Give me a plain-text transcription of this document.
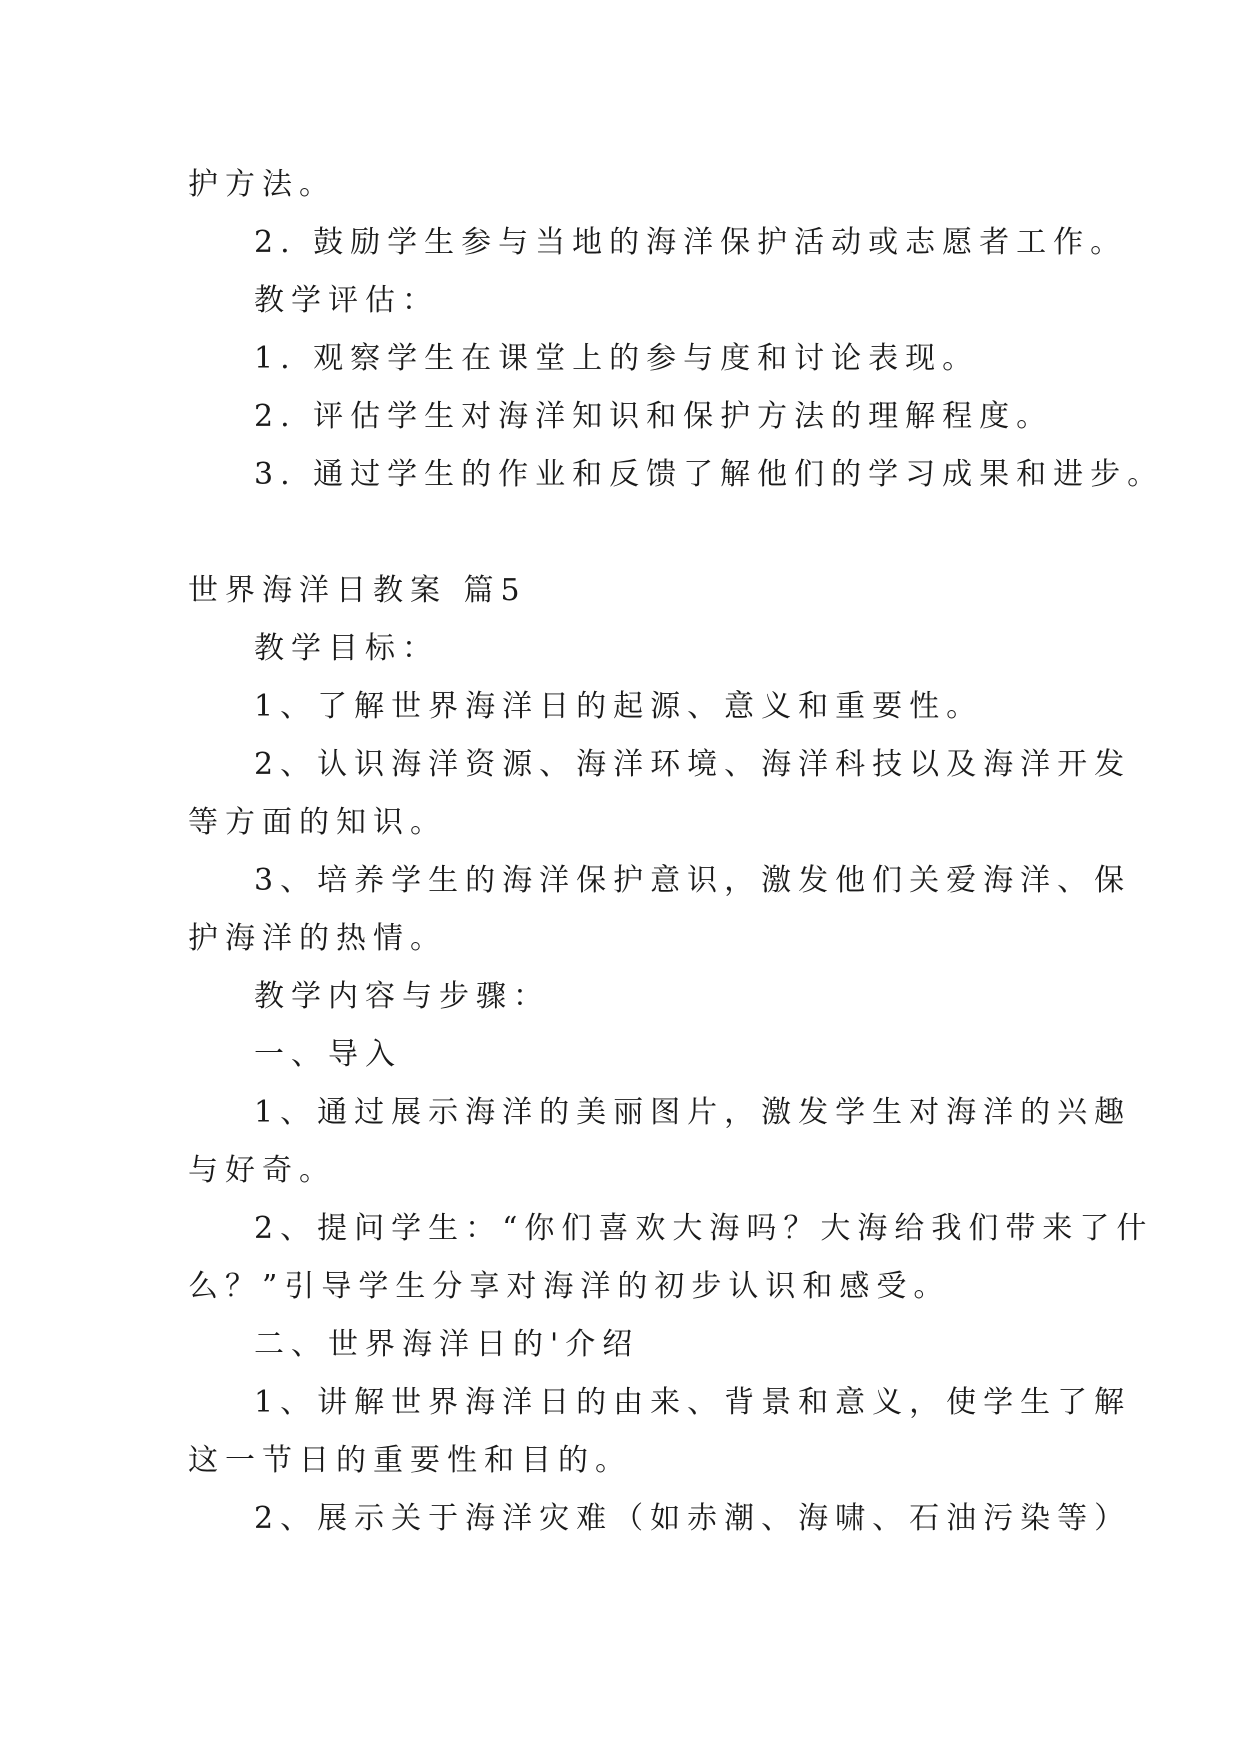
护方法。
2. 鼓励学生参与当地的海洋保护活动或志愿者工作。
教学评估：
1. 观察学生在课堂上的参与度和讨论表现。
2. 评估学生对海洋知识和保护方法的理解程度。
3. 通过学生的作业和反馈了解他们的学习成果和进步。
世界海洋日教案 篇5
教学目标：
1、了解世界海洋日的起源、意义和重要性。
2、认识海洋资源、海洋环境、海洋科技以及海洋开发
等方面的知识。
3、培养学生的海洋保护意识，激发他们关爱海洋、保
护海洋的热情。
教学内容与步骤：
一、导入
1、通过展示海洋的美丽图片，激发学生对海洋的兴趣
与好奇。
2、提问学生：“你们喜欢大海吗？大海给我们带来了什
么？”引导学生分享对海洋的初步认识和感受。
二、世界海洋日的'介绍
1、讲解世界海洋日的由来、背景和意义，使学生了解
这一节日的重要性和目的。
2、展示关于海洋灾难（如赤潮、海啸、石油污染等）
